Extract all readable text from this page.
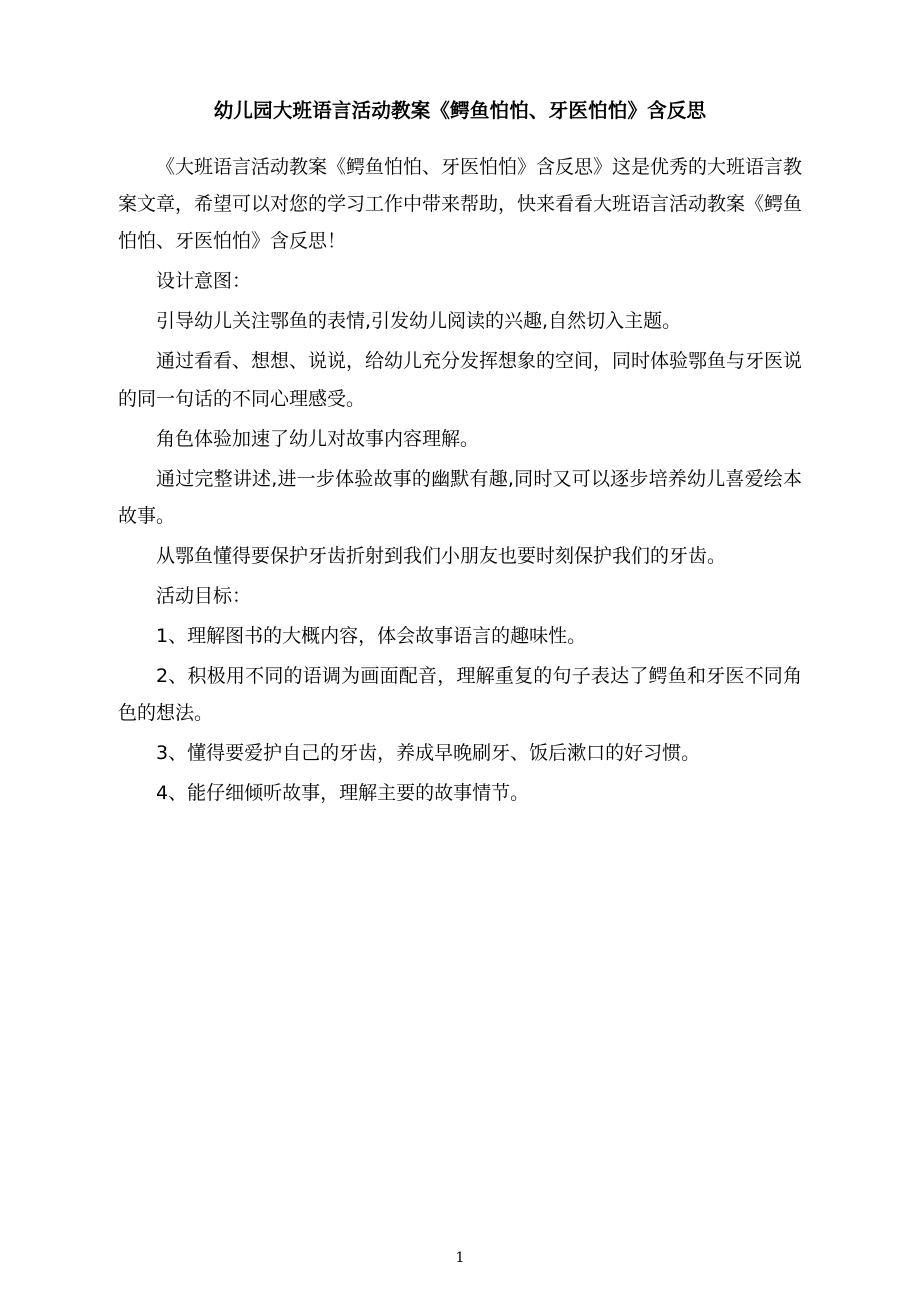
幼儿园大班语言活动教案《鳄鱼怕怕、牙医怕怕》含反思

《大班语言活动教案《鳄鱼怕怕、牙医怕怕》含反思》这是优秀的大班语言教案文章，希望可以对您的学习工作中带来帮助，快来看看大班语言活动教案《鳄鱼怕怕、牙医怕怕》含反思！

设计意图：

引导幼儿关注鄂鱼的表情,引发幼儿阅读的兴趣,自然切入主题。

通过看看、想想、说说，给幼儿充分发挥想象的空间，同时体验鄂鱼与牙医说的同一句话的不同心理感受。

角色体验加速了幼儿对故事内容理解。

通过完整讲述,进一步体验故事的幽默有趣,同时又可以逐步培养幼儿喜爱绘本故事。

从鄂鱼懂得要保护牙齿折射到我们小朋友也要时刻保护我们的牙齿。

活动目标：

1、理解图书的大概内容，体会故事语言的趣味性。

2、积极用不同的语调为画面配音，理解重复的句子表达了鳄鱼和牙医不同角色的想法。

3、懂得要爱护自己的牙齿，养成早晚刷牙、饭后漱口的好习惯。

4、能仔细倾听故事，理解主要的故事情节。

1
